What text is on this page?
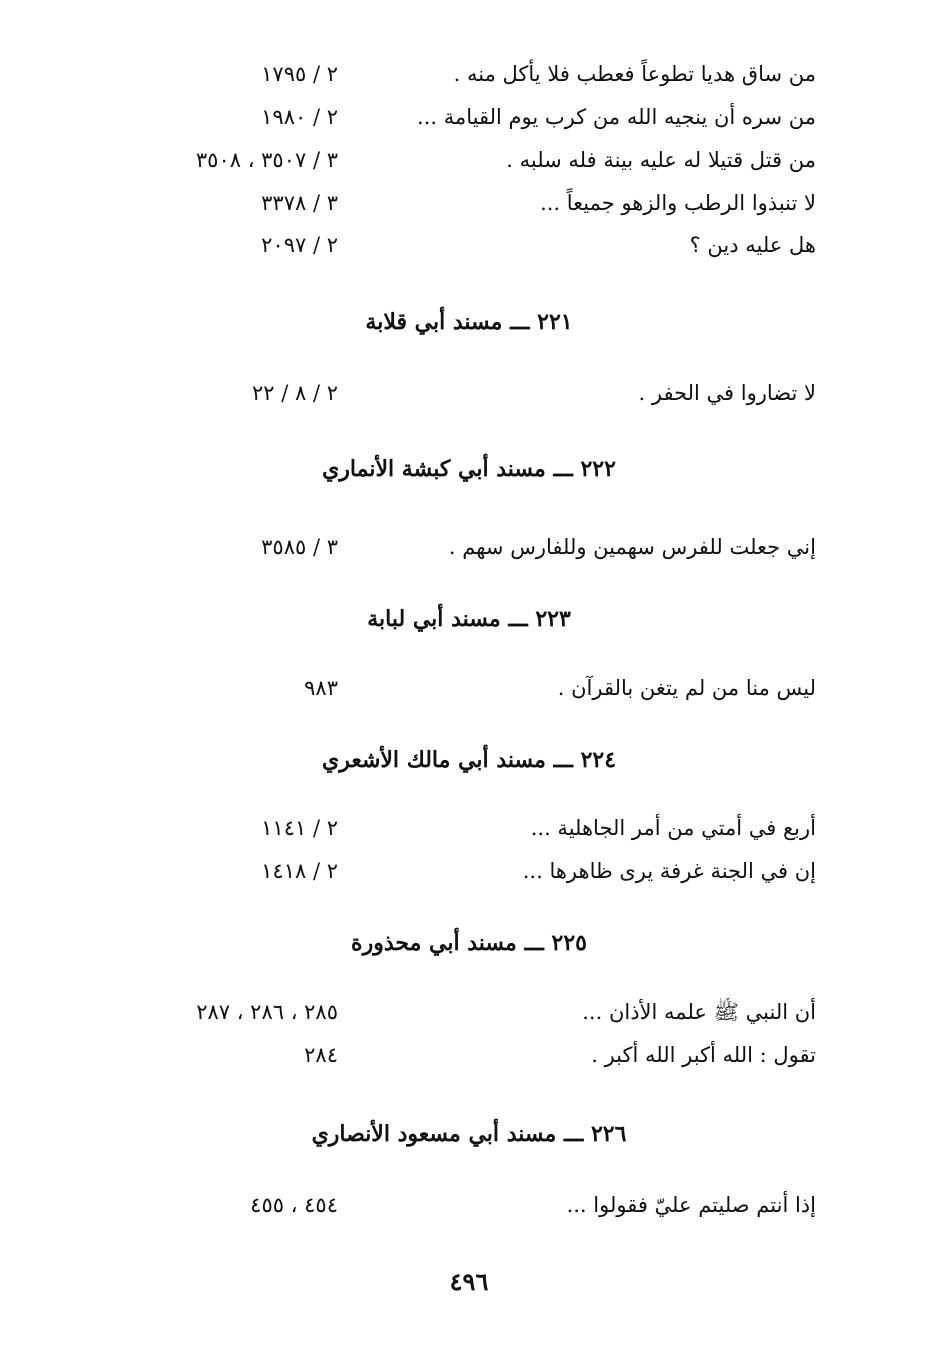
من ساق هديا تطوعاً فعطب فلا يأكل منه .
٢ / ١٧٩٥
من سره أن ينجيه الله من كرب يوم القيامة ...
٢ / ١٩٨٠
من قتل قتيلا له عليه بينة فله سلبه .
٣ / ٣٥٠٧ ، ٣٥٠٨
لا تنبذوا الرطب والزهو جميعاً ...
٣ / ٣٣٧٨
هل عليه دين ؟
٢ / ٢٠٩٧
٢٢١ ـــ مسند أبي قلابة
لا تضاروا في الحفر .
٢ / ٨ / ٢٢
٢٢٢ ـــ مسند أبي كبشة الأنماري
إني جعلت للفرس سهمين وللفارس سهم .
٣ / ٣٥٨٥
٢٢٣ ـــ مسند أبي لبابة
ليس منا من لم يتغن بالقرآن .
٩٨٣
٢٢٤ ـــ مسند أبي مالك الأشعري
أربع في أمتي من أمر الجاهلية ...
٢ / ١١٤١
إن في الجنة غرفة يرى ظاهرها ...
٢ / ١٤١٨
٢٢٥ ـــ مسند أبي محذورة
أن النبي ﷺ علمه الأذان ...
٢٨٥ ، ٢٨٦ ، ٢٨٧
تقول : الله أكبر الله أكبر .
٢٨٤
٢٢٦ ـــ مسند أبي مسعود الأنصاري
إذا أنتم صليتم عليّ فقولوا ...
٤٥٤ ، ٤٥٥
٤٩٦
